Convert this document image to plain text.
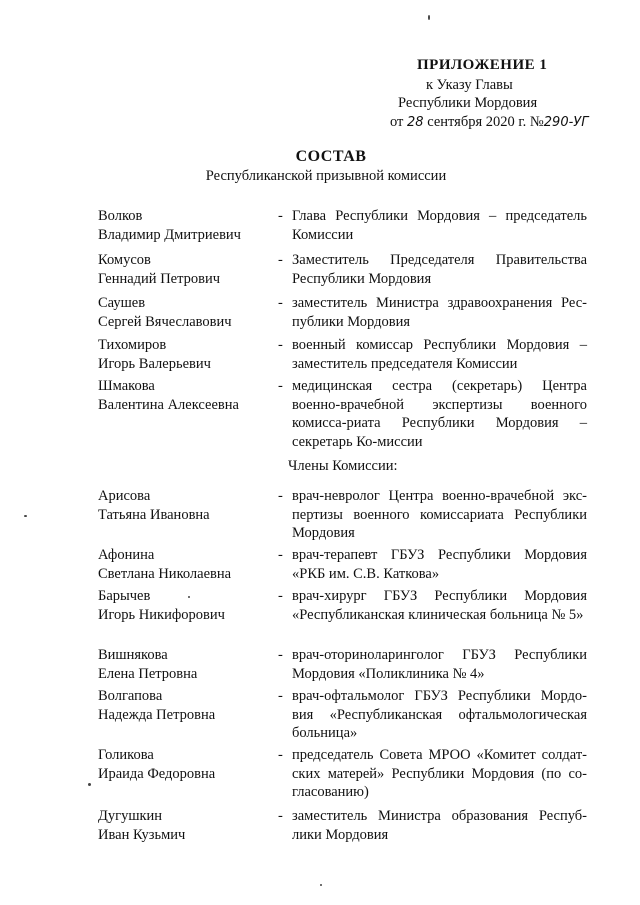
ПРИЛОЖЕНИЕ 1
к Указу Главы
Республики Мордовия
от 28 сентября 2020 г. №290-УГ
СОСТАВ
Республиканской призывной комиссии
Волков
Владимир Дмитриевич
- Глава Республики Мордовия – председатель Комиссии
Комусов
Геннадий Петрович
- Заместитель Председателя Правительства Республики Мордовия
Саушев
Сергей Вячеславович
- заместитель Министра здравоохранения Рес-публики Мордовия
Тихомиров
Игорь Валерьевич
- военный комиссар Республики Мордовия – заместитель председателя Комиссии
Шмакова
Валентина Алексеевна
- медицинская сестра (секретарь) Центра военно-врачебной экспертизы военного комисса-риата Республики Мордовия – секретарь Ко-миссии
Члены Комиссии:
Арисова
Татьяна Ивановна
- врач-невролог Центра военно-врачебной экс-пертизы военного комиссариата Республики Мордовия
Афонина
Светлана Николаевна
- врач-терапевт ГБУЗ Республики Мордовия «РКБ им. С.В. Каткова»
Барычев
Игорь Никифорович
- врач-хирург ГБУЗ Республики Мордовия «Республиканская клиническая больница № 5»
Вишнякова
Елена Петровна
- врач-оториноларинголог ГБУЗ Республики Мордовия «Поликлиника № 4»
Волгапова
Надежда Петровна
- врач-офтальмолог ГБУЗ Республики Мордо-вия «Республиканская офтальмологическая больница»
Голикова
Ираида Федоровна
- председатель Совета МРОО «Комитет солдат-ских матерей» Республики Мордовия (по со-гласованию)
Дугушкин
Иван Кузьмич
- заместитель Министра образования Респуб-лики Мордовия
